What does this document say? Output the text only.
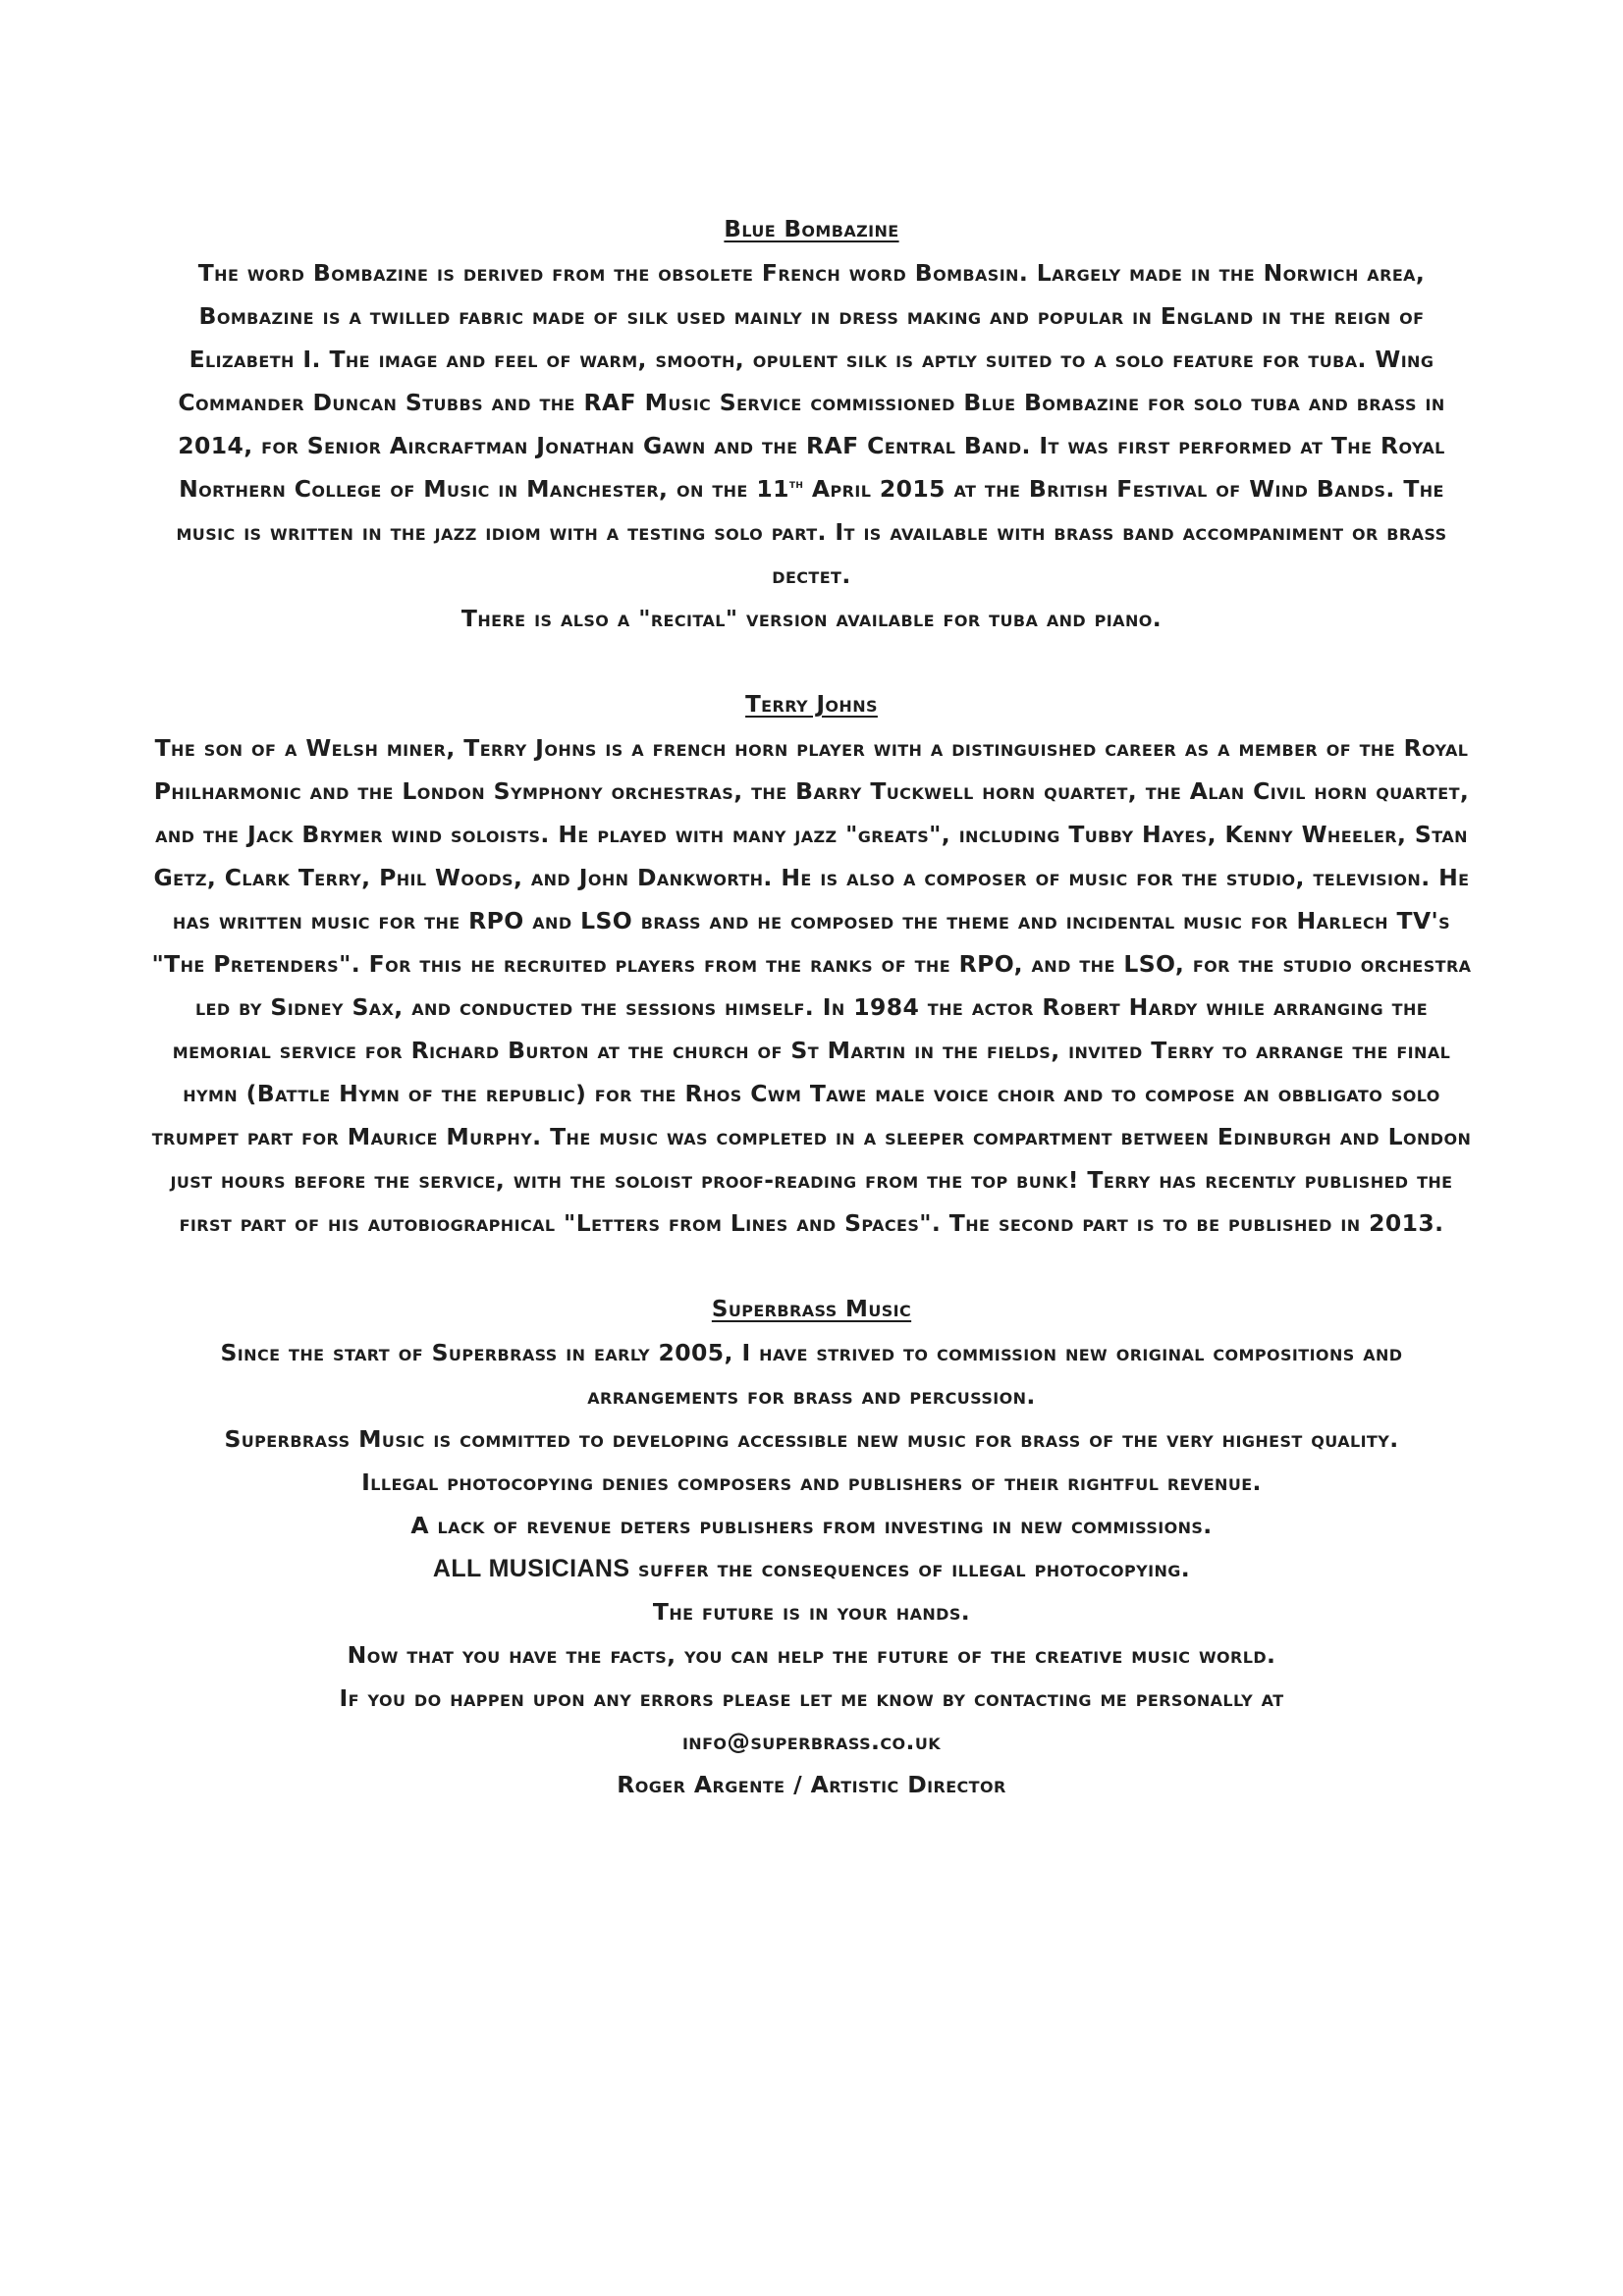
Blue Bombazine

The word Bombazine is derived from the obsolete French word Bombasin. Largely made in the Norwich area, Bombazine is a twilled fabric made of silk used mainly in dress making and popular in England in the reign of Elizabeth I. The image and feel of warm, smooth, opulent silk is aptly suited to a solo feature for tuba. Wing Commander Duncan Stubbs and the RAF Music Service commissioned Blue Bombazine for solo tuba and brass in 2014, for Senior Aircraftman Jonathan Gawn and the RAF Central Band. It was first performed at The Royal Northern College of Music in Manchester, on the 11th April 2015 at the British Festival of Wind Bands. The music is written in the jazz idiom with a testing solo part. It is available with brass band accompaniment or brass dectet.

There is also a "recital" version available for tuba and piano.

Terry Johns

The son of a Welsh miner, Terry Johns is a french horn player with a distinguished career as a member of the Royal Philharmonic and the London Symphony orchestras, the Barry Tuckwell horn quartet, the Alan Civil horn quartet, and the Jack Brymer wind soloists. He played with many jazz "greats", including Tubby Hayes, Kenny Wheeler, Stan Getz, Clark Terry, Phil Woods, and John Dankworth. He is also a composer of music for the studio, television. He has written music for the RPO and LSO brass and he composed the theme and incidental music for Harlech TV's "The Pretenders". For this he recruited players from the ranks of the RPO, and the LSO, for the studio orchestra led by Sidney Sax, and conducted the sessions himself. In 1984 the actor Robert Hardy while arranging the memorial service for Richard Burton at the church of St Martin in the fields, invited Terry to arrange the final hymn (Battle Hymn of the republic) for the Rhos Cwm Tawe male voice choir and to compose an obbligato solo trumpet part for Maurice Murphy. The music was completed in a sleeper compartment between Edinburgh and London just hours before the service, with the soloist proof-reading from the top bunk! Terry has recently published the first part of his autobiographical "Letters from Lines and Spaces". The second part is to be published in 2013.

Superbrass Music

Since the start of Superbrass in early 2005, I have strived to commission new original compositions and arrangements for brass and percussion.

Superbrass Music is committed to developing accessible new music for brass of the very highest quality.

Illegal photocopying denies composers and publishers of their rightful revenue.

A lack of revenue deters publishers from investing in new commissions.

ALL MUSICIANS suffer the consequences of illegal photocopying.

The future is in your hands.

Now that you have the facts, you can help the future of the creative music world.

If you do happen upon any errors please let me know by contacting me personally at

info@superbrass.co.uk

Roger Argente / Artistic Director
